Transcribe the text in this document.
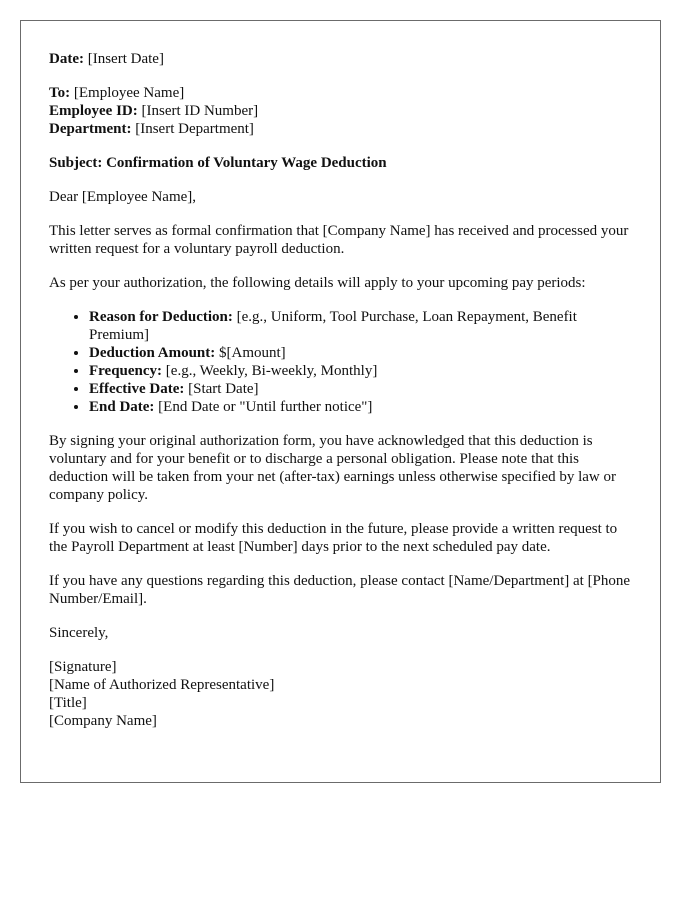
Date: [Insert Date]

To: [Employee Name]
Employee ID: [Insert ID Number]
Department: [Insert Department]

Subject: Confirmation of Voluntary Wage Deduction

Dear [Employee Name],

This letter serves as formal confirmation that [Company Name] has received and processed your written request for a voluntary payroll deduction.

As per your authorization, the following details will apply to your upcoming pay periods:

• Reason for Deduction: [e.g., Uniform, Tool Purchase, Loan Repayment, Benefit Premium]
• Deduction Amount: $[Amount]
• Frequency: [e.g., Weekly, Bi-weekly, Monthly]
• Effective Date: [Start Date]
• End Date: [End Date or "Until further notice"]

By signing your original authorization form, you have acknowledged that this deduction is voluntary and for your benefit or to discharge a personal obligation. Please note that this deduction will be taken from your net (after-tax) earnings unless otherwise specified by law or company policy.

If you wish to cancel or modify this deduction in the future, please provide a written request to the Payroll Department at least [Number] days prior to the next scheduled pay date.

If you have any questions regarding this deduction, please contact [Name/Department] at [Phone Number/Email].

Sincerely,

[Signature]
[Name of Authorized Representative]
[Title]
[Company Name]
